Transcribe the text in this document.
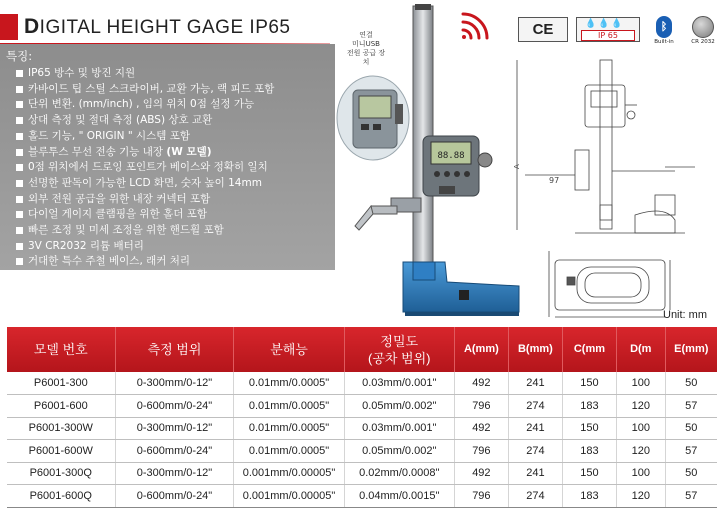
DIGITAL HEIGHT GAGE IP65
특징:
IP65 방수 및 방진 지원
카바이드 팁 스틸 스크라이버, 교환 가능, 랙 피드 포함
단위 변환. (mm/inch) , 임의 위치 0점 설정 가능
상대 측정 및 절대 측정 (ABS) 상호 교환
홀드 기능, " ORIGIN " 시스템 포함
블루투스 무선 전송 기능 내장 (W 모델)
0점 위치에서 드로잉 포인트가 베이스와 정확히 일치
선명한 판독이 가능한 LCD 화면, 숫자 높이 14mm
외부 전원 공급을 위한 내장 커넥터 포함
다이얼 게이지 클램핑을 위한 홀더 포함
빠른 조정 및 미세 조정을 위한 핸드휠 포함
3V CR2032 리튬 배터리
거대한 특수 주철 베이스, 래커 처리
연결
미니USB
전원 공급 장치
88.88
CE	💧💧💧
IP 65
ᛒ
Built-in	CR 2032
97
A
Unit: mm
모델 번호	측정 범위	분해능	정밀도
(공차 범위)	A(mm)	B(mm)	C(mm	D(m	E(mm)
P6001-300	0-300mm/0-12"	0.01mm/0.0005"	0.03mm/0.001"	492	241	150	100	50
P6001-600	0-600mm/0-24"	0.01mm/0.0005"	0.05mm/0.002"	796	274	183	120	57
P6001-300W	0-300mm/0-12"	0.01mm/0.0005"	0.03mm/0.001"	492	241	150	100	50
P6001-600W	0-600mm/0-24"	0.01mm/0.0005"	0.05mm/0.002"	796	274	183	120	57
P6001-300Q	0-300mm/0-12"	0.001mm/0.00005"	0.02mm/0.0008"	492	241	150	100	50
P6001-600Q	0-600mm/0-24"	0.001mm/0.00005"	0.04mm/0.0015"	796	274	183	120	57
